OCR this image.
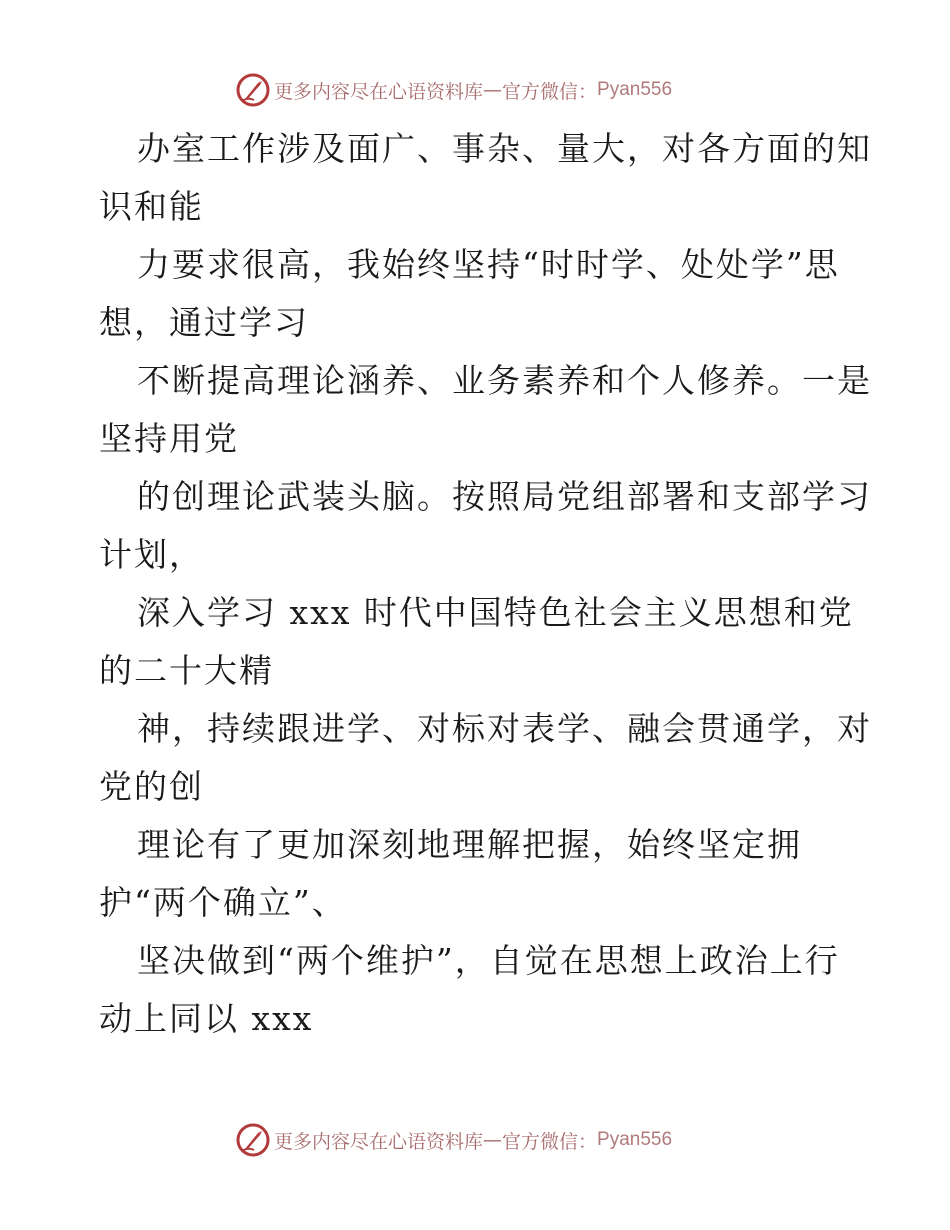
更多内容尽在心语资料库 — 官方微信： Pyan556
办室工作涉及面广、事杂、量大，对各方面的知
识和能
力要求很高，我始终坚持“时时学、处处学”思
想，通过学习
不断提高理论涵养、业务素养和个人修养。一是
坚持用党
的创理论武装头脑。按照局党组部署和支部学习
计划，
深入学习 xxx 时代中国特色社会主义思想和党
的二十大精
神，持续跟进学、对标对表学、融会贯通学，对
党的创
理论有了更加深刻地理解把握，始终坚定拥
护“两个确立”、
坚决做到“两个维护”，自觉在思想上政治上行
动上同以 xxx
更多内容尽在心语资料库 — 官方微信： Pyan556
